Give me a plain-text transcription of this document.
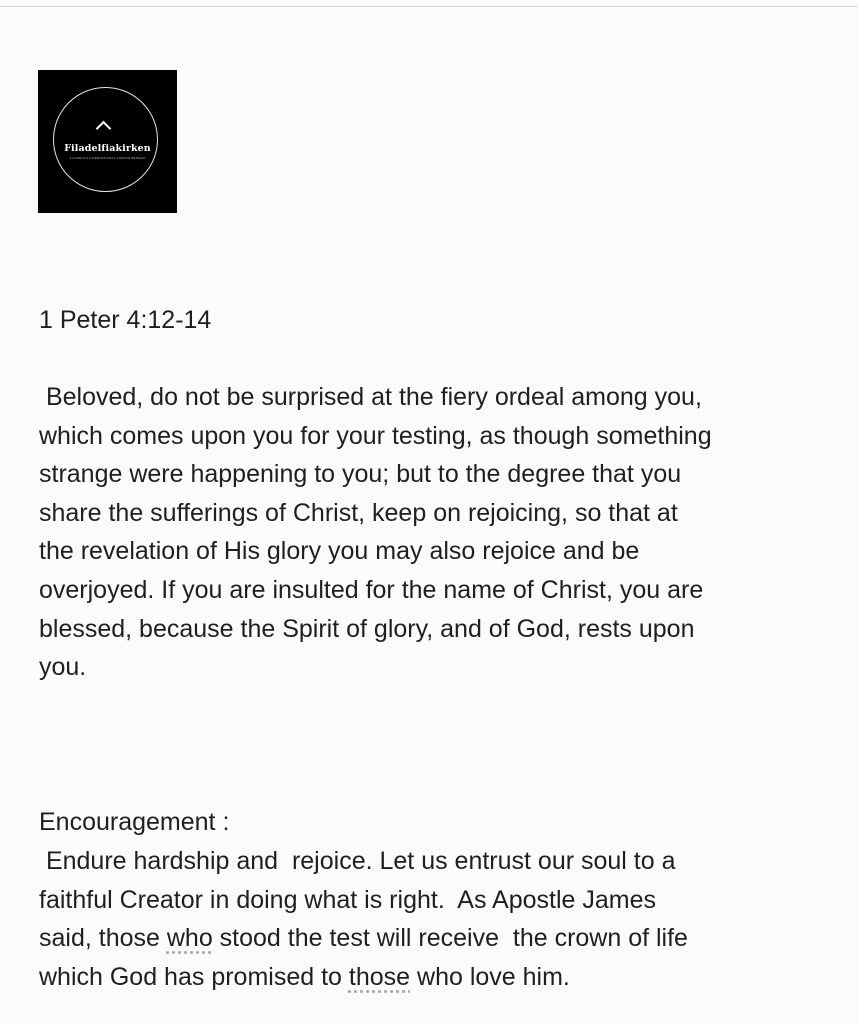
Filadelfiakirken
FILADELFIA INTERNATIONAL CHURCH BERGEN
1 Peter 4:12-14
Beloved, do not be surprised at the fiery ordeal among you,
which comes upon you for your testing, as though something
strange were happening to you; but to the degree that you
share the sufferings of Christ, keep on rejoicing, so that at
the revelation of His glory you may also rejoice and be
overjoyed. If you are insulted for the name of Christ, you are
blessed, because the Spirit of glory, and of God, rests upon
you.
Encouragement :
Endure hardship and  rejoice. Let us entrust our soul to a
faithful Creator in doing what is right.  As Apostle James
said, those who stood the test will receive  the crown of life
which God has promised to those who love him.
